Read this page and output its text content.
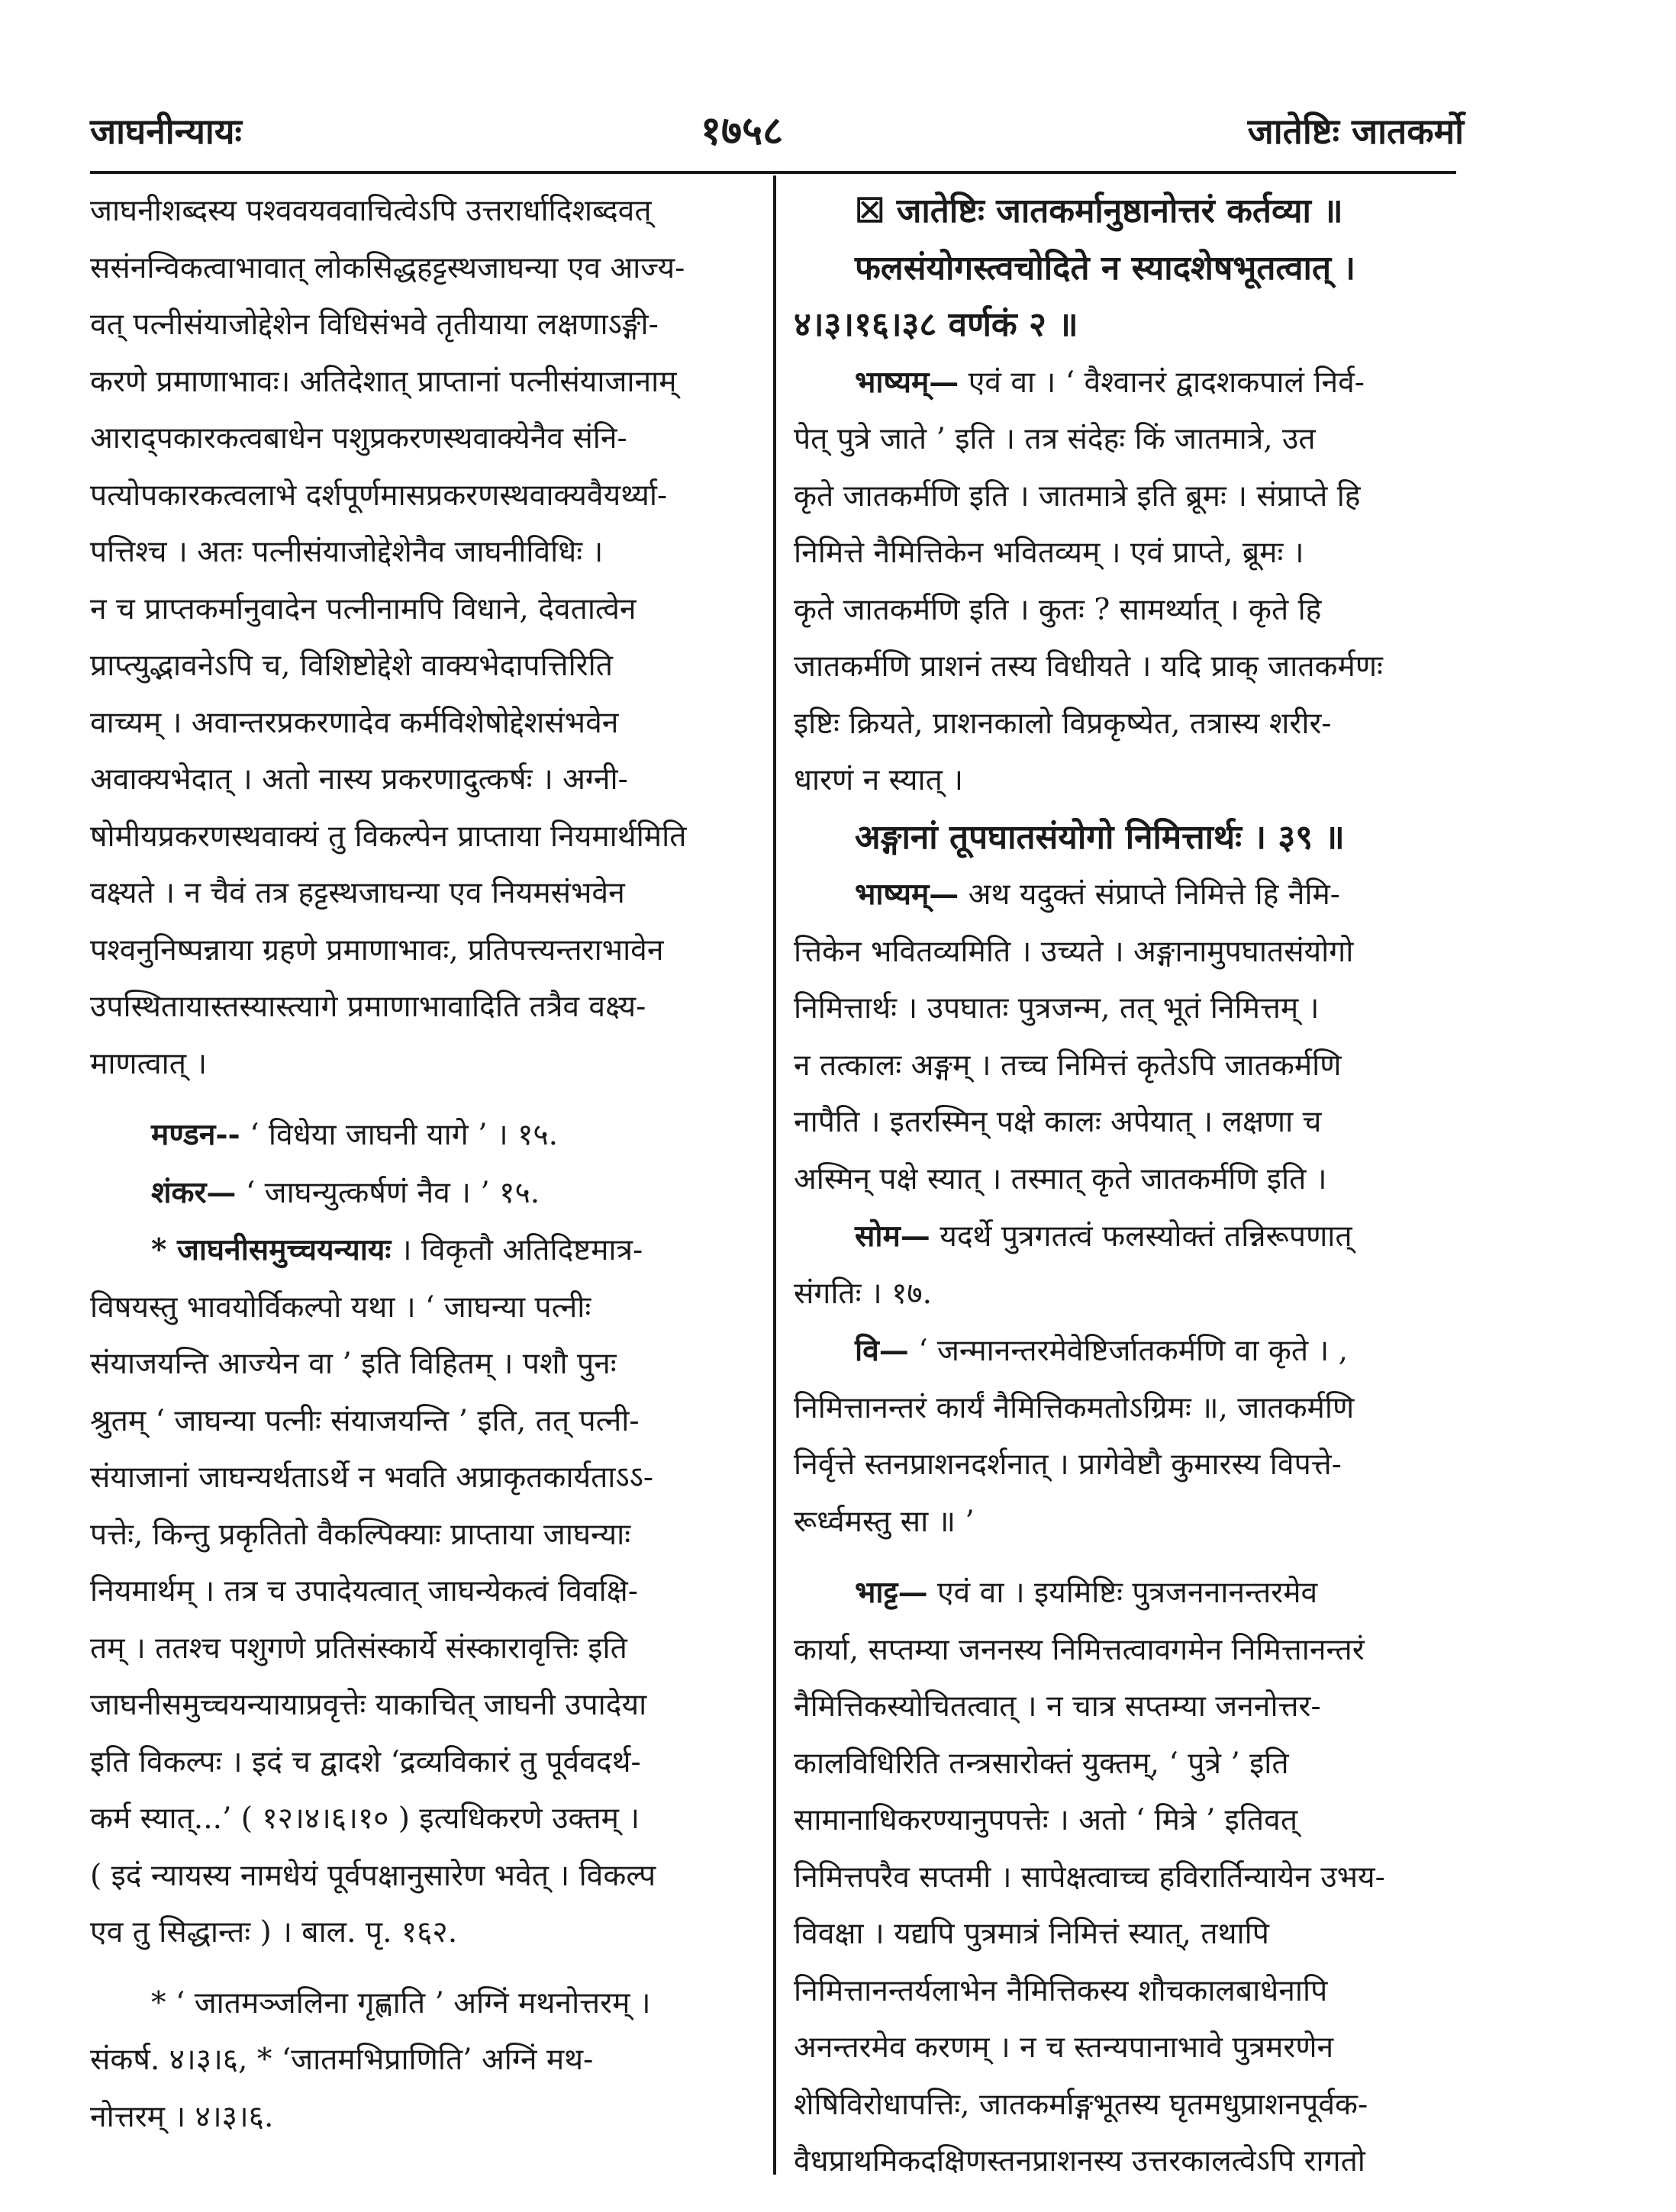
जाघनीन्यायः	१७५८	जातेष्टिः जातकर्मो

जाघनीशब्दस्य पश्ववयववाचित्वेऽपि उत्तरार्धादिशब्दवत्

ससंनन्विकत्वाभावात् लोकसिद्धहट्टस्थजाघन्या एव आज्य-

वत् पत्नीसंयाजोद्देशेन विधिसंभवे तृतीयाया लक्षणाऽङ्गी-

करणे प्रमाणाभावः। अतिदेशात् प्राप्तानां पत्नीसंयाजानाम्

आराद्‌पकारकत्वबाधेन पशुप्रकरणस्थवाक्येनैव संनि-

पत्योपकारकत्वलाभे दर्शपूर्णमासप्रकरणस्थवाक्यवैयर्थ्या-

पत्तिश्च । अतः पत्नीसंयाजोद्देशेनैव जाघनीविधिः ।

न च प्राप्तकर्मानुवादेन पत्नीनामपि विधाने, देवतात्वेन

प्राप्त्युद्भावनेऽपि च, विशिष्टोद्देशे वाक्यभेदापत्तिरिति

वाच्यम् । अवान्तरप्रकरणादेव कर्मविशेषोद्देशसंभवेन

अवाक्यभेदात् । अतो नास्य प्रकरणादुत्कर्षः । अग्नी-

षोमीयप्रकरणस्थवाक्यं तु विकल्पेन प्राप्ताया नियमार्थमिति

वक्ष्यते । न चैवं तत्र हट्टस्थजाघन्या एव नियमसंभवेन

पश्वनुनिष्पन्नाया ग्रहणे प्रमाणाभावः, प्रतिपत्त्यन्तराभावेन

उपस्थितायास्तस्यास्त्यागे प्रमाणाभावादिति तत्रैव वक्ष्य-

माणत्वात् ।

मण्डन-- ‘ विधेया जाघनी यागे ’ । १५.

शंकर— ‘ जाघन्युत्कर्षणं नैव । ’ १५.

* जाघनीसमुच्चयन्यायः । विकृतौ अतिदिष्टमात्र-

विषयस्तु भावयोर्विकल्पो यथा । ‘ जाघन्या पत्नीः

संयाजयन्ति आज्येन वा ’ इति विहितम् । पशौ पुनः

श्रुतम् ‘ जाघन्या पत्नीः संयाजयन्ति ’ इति, तत् पत्नी-

संयाजानां जाघन्यर्थताऽर्थे न भवति अप्राकृतकार्यताऽऽ-

पत्तेः, किन्तु प्रकृतितो वैकल्पिक्याः प्राप्ताया जाघन्याः

नियमार्थम् । तत्र च उपादेयत्वात् जाघन्येकत्वं विवक्षि-

तम् । ततश्च पशुगणे प्रतिसंस्कार्ये संस्कारावृत्तिः इति

जाघनीसमुच्चयन्यायाप्रवृत्तेः याकाचित् जाघनी उपादेया

इति विकल्पः । इदं च द्वादशे ‘द्रव्यविकारं तु पूर्ववदर्थ-

कर्म स्यात्...’ ( १२।४।६।१० ) इत्यधिकरणे उक्तम् ।

( इदं न्यायस्य नामधेयं पूर्वपक्षानुसारेण भवेत् । विकल्प

एव तु सिद्धान्तः ) । बाल. पृ. १६२.

* ‘ जातमञ्जलिना गृह्णाति ’ अग्निं मथनोत्तरम् ।

संकर्ष. ४।३।६, * ‘जातमभिप्राणिति’ अग्निं मथ-

नोत्तरम् । ४।३।६.

☒ जातेष्टिः जातकर्मानुष्ठानोत्तरं कर्तव्या ॥

फलसंयोगस्त्वचोदिते न स्यादशेषभूतत्वात् ।

४।३।१६।३८ वर्णकं २ ॥

भाष्यम्— एवं वा । ‘ वैश्वानरं द्वादशकपालं निर्व-

पेत् पुत्रे जाते ’ इति । तत्र संदेहः किं जातमात्रे, उत

कृते जातकर्मणि इति । जातमात्रे इति ब्रूमः । संप्राप्ते हि

निमित्ते नैमित्तिकेन भवितव्यम् । एवं प्राप्ते, ब्रूमः ।

कृते जातकर्मणि इति । कुतः ? सामर्थ्यात् । कृते हि

जातकर्मणि प्राशनं तस्य विधीयते । यदि प्राक् जातकर्मणः

इष्टिः क्रियते, प्राशनकालो विप्रकृष्येत, तत्रास्य शरीर-

धारणं न स्यात् ।

अङ्गानां तूपघातसंयोगो निमित्तार्थः । ३९ ॥

भाष्यम्— अथ यदुक्तं संप्राप्ते निमित्ते हि नैमि-

त्तिकेन भवितव्यमिति । उच्यते । अङ्गानामुपघातसंयोगो

निमित्तार्थः । उपघातः पुत्रजन्म, तत् भूतं निमित्तम् ।

न तत्कालः अङ्गम् । तच्च निमित्तं कृतेऽपि जातकर्मणि

नापैति । इतरस्मिन् पक्षे कालः अपेयात् । लक्षणा च

अस्मिन् पक्षे स्यात् । तस्मात् कृते जातकर्मणि इति ।

सोम— यदर्थे पुत्रगतत्वं फलस्योक्तं तन्निरूपणात्

संगतिः । १७.

वि— ‘ जन्मानन्तरमेवेष्टिर्जातकर्मणि वा कृते । ,

निमित्तानन्तरं कार्यं नैमित्तिकमतोऽग्रिमः ॥, जातकर्मणि

निर्वृत्ते स्तनप्राशनदर्शनात् । प्रागेवेष्टौ कुमारस्य विपत्ते-

रूर्ध्वमस्तु सा ॥ ’

भाट्ट— एवं वा । इयमिष्टिः पुत्रजननानन्तरमेव

कार्या, सप्तम्या जननस्य निमित्तत्वावगमेन निमित्तानन्तरं

नैमित्तिकस्योचितत्वात् । न चात्र सप्तम्या जननोत्तर-

कालविधिरिति तन्त्रसारोक्तं युक्तम्, ‘ पुत्रे ’ इति

सामानाधिकरण्यानुपपत्तेः । अतो ‘ मित्रे ’ इतिवत्

निमित्तपरैव सप्तमी । सापेक्षत्वाच्च हविरार्तिन्यायेन उभय-

विवक्षा । यद्यपि पुत्रमात्रं निमित्तं स्यात्, तथापि

निमित्तानन्तर्यलाभेन नैमित्तिकस्य शौचकालबाधेनापि

अनन्तरमेव करणम् । न च स्तन्यपानाभावे पुत्रमरणेन

शेषिविरोधापत्तिः, जातकर्माङ्गभूतस्य घृतमधुप्राशनपूर्वक-

वैधप्राथमिकदक्षिणस्तनप्राशनस्य उत्तरकालत्वेऽपि रागतो
